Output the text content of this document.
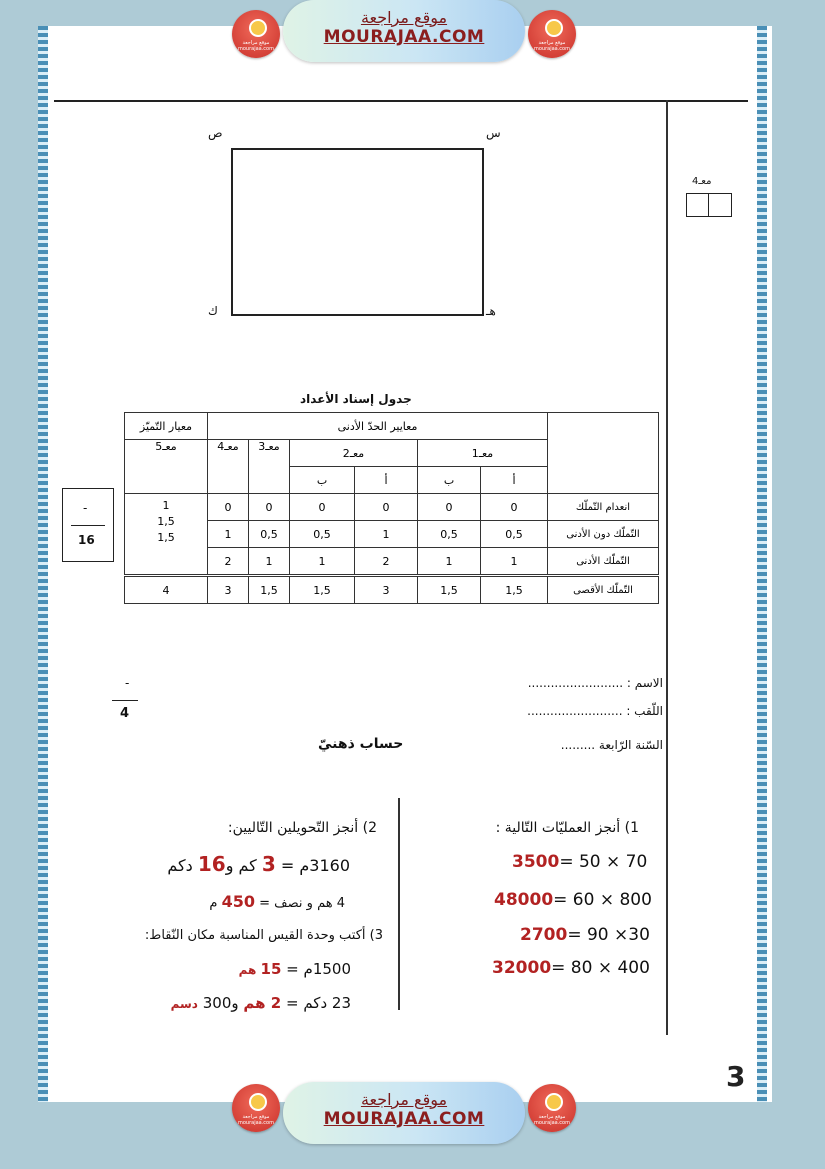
موقع مراجعة mourajaa.com
موقع مراجعة
MOURAJAA.COM	موقع مراجعة mourajaa.com
ص	س
ك	هـ
معـ4
جدول إسناد الأعداد
معيار التّميّز	معايير الحدّ الأدنى						
معـ5	معـ4	معـ3	معـ2		معـ1		
			ب	أ	ب	أ	

1
1,5
1,5	0	0	0	0	0	0	انعدام التّملّك
	1	0,5	0,5	1	0,5	0,5	التّملّك دون الأدنى
	2	1	1	2	1	1	التّملّك الأدنى
4	3	1,5	1,5	3	1,5	1,5	التّملّك الأقصى
-
16
-
4
الاسم : .........................
اللّقب : .........................
السّنة الرّابعة .........
حساب ذهنيّ
1) أنجز العمليّات التّالية :
3500= 50 × 70
48000= 60 × 800
2700= 90 ×30
32000= 80 × 400
2) أنجز التّحويلين التّاليين:
3160م = 3 كم و16 دكم
4 هم و نصف = 450 م
3) أكتب وحدة القيس المناسبة مكان النّقاط:
1500م = 15 هم
23 دكم = 2 هم و300 دسم
3
موقع مراجعة mourajaa.com
موقع مراجعة
MOURAJAA.COM	موقع مراجعة mourajaa.com
